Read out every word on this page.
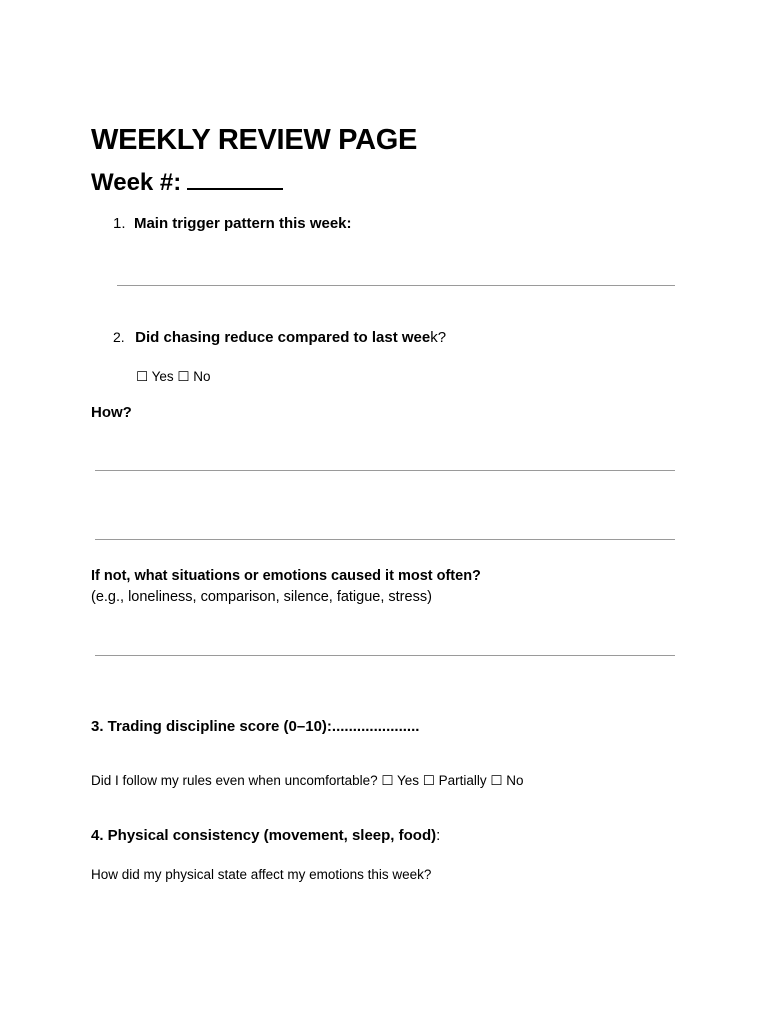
WEEKLY REVIEW PAGE
Week #:
1. Main trigger pattern this week:
2. Did chasing reduce compared to last week?
☐ Yes ☐ No
How?
If not, what situations or emotions caused it most often?
(e.g., loneliness, comparison, silence, fatigue, stress)
3. Trading discipline score (0–10):.....................
Did I follow my rules even when uncomfortable? ☐ Yes ☐ Partially ☐ No
4. Physical consistency (movement, sleep, food):
How did my physical state affect my emotions this week?
